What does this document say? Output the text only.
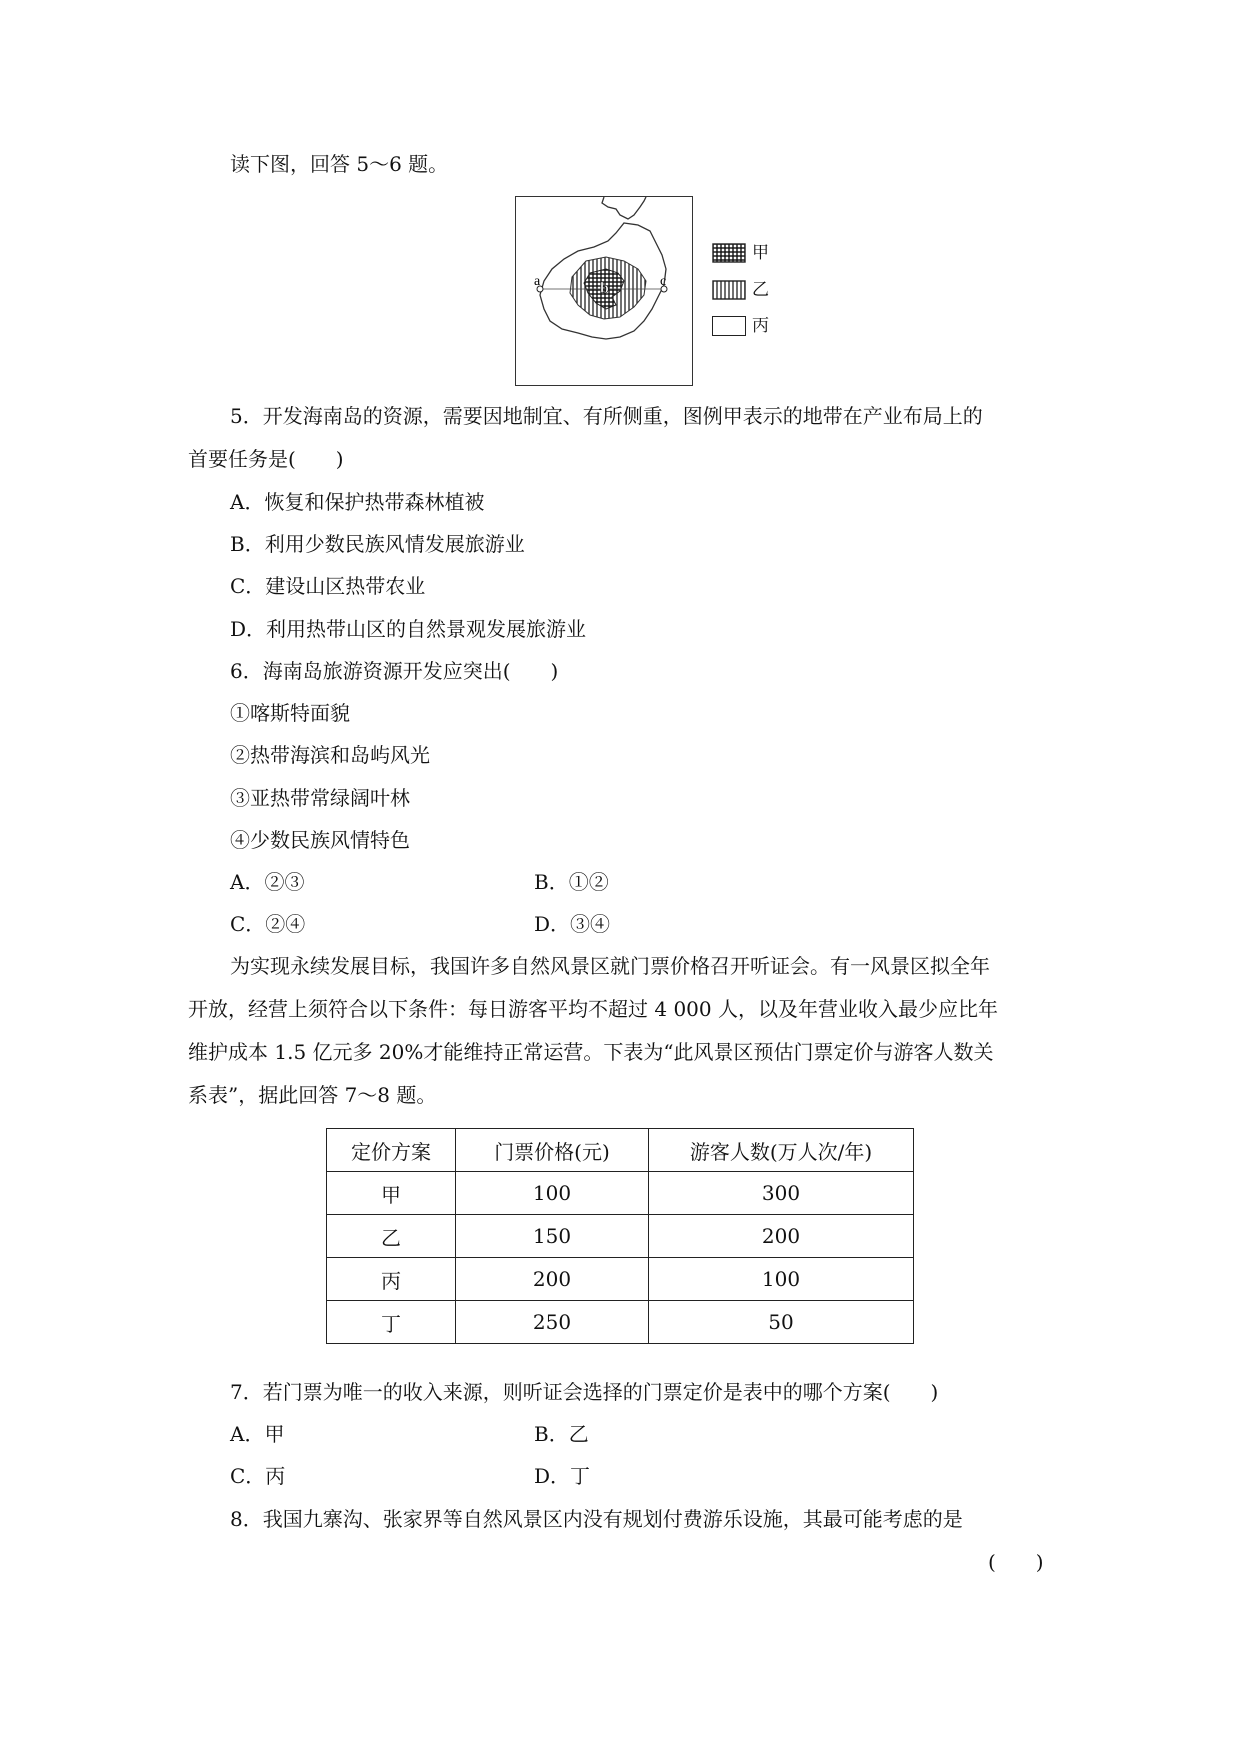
读下图，回答 5～6 题。
a	b	c
甲
乙
丙
5．开发海南岛的资源，需要因地制宜、有所侧重，图例甲表示的地带在产业布局上的
首要任务是(　　)
A．恢复和保护热带森林植被
B．利用少数民族风情发展旅游业
C．建设山区热带农业
D．利用热带山区的自然景观发展旅游业
6．海南岛旅游资源开发应突出(　　)
①喀斯特面貌
②热带海滨和岛屿风光
③亚热带常绿阔叶林
④少数民族风情特色
A．②③	B．①②
C．②④	D．③④
为实现永续发展目标，我国许多自然风景区就门票价格召开听证会。有一风景区拟全年
开放，经营上须符合以下条件：每日游客平均不超过 4 000 人，以及年营业收入最少应比年
维护成本 1.5 亿元多 20%才能维持正常运营。下表为“此风景区预估门票定价与游客人数关
系表”，据此回答 7～8 题。
定价方案	门票价格(元)	游客人数(万人次/年)
甲	100	300
乙	150	200
丙	200	100
丁	250	50
7．若门票为唯一的收入来源，则听证会选择的门票定价是表中的哪个方案(　　)
A．甲	B．乙
C．丙	D．丁
8．我国九寨沟、张家界等自然风景区内没有规划付费游乐设施，其最可能考虑的是
(　　)
